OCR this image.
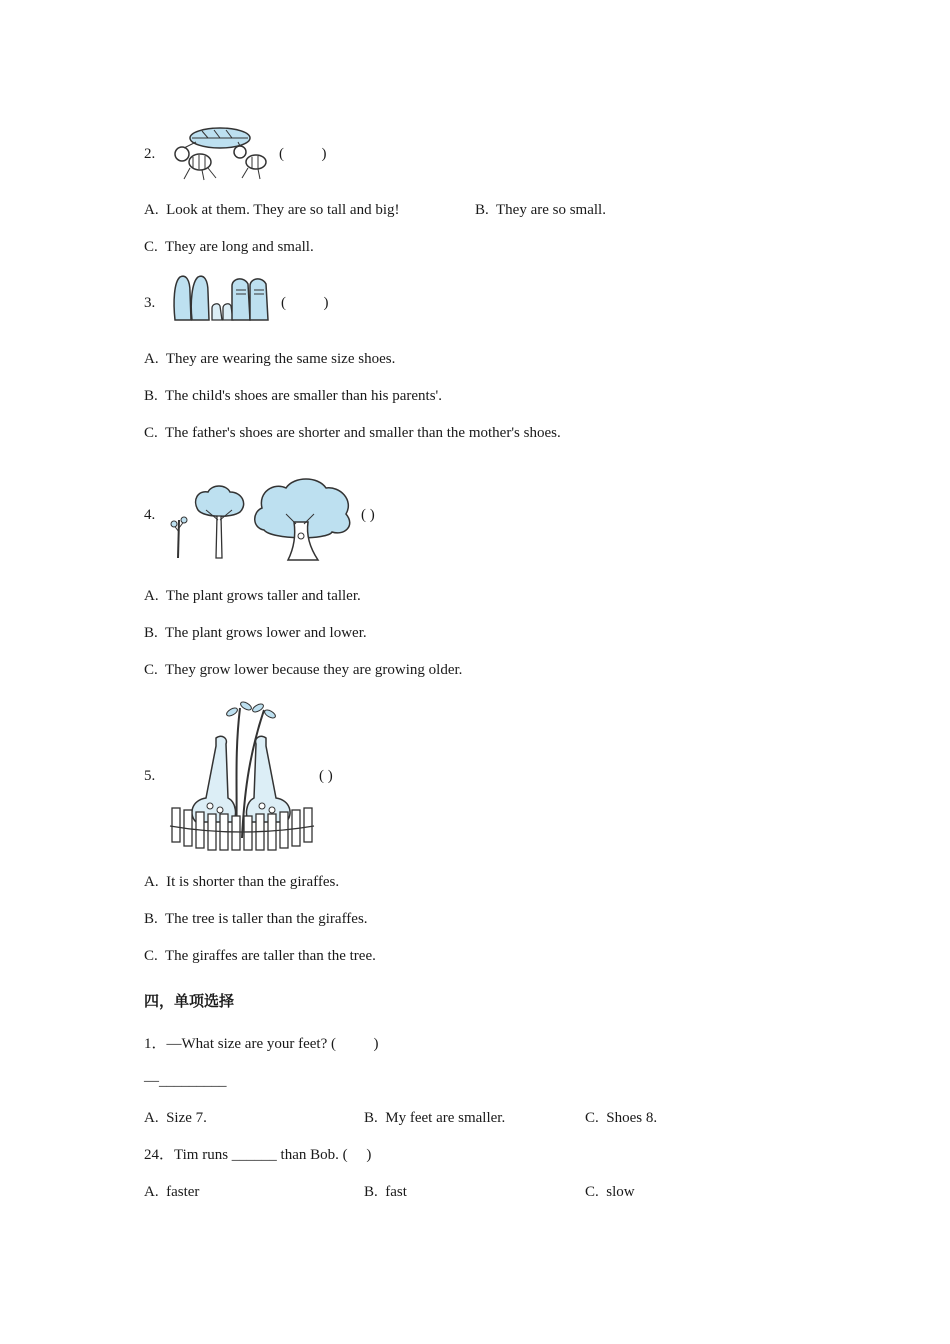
2.	(          )
A. Look at them. They are so tall and big!	B. They are so small.
C. They are long and small.
3.	(          )
A. They are wearing the same size shoes.
B. The child's shoes are smaller than his parents'.
C. The father's shoes are shorter and smaller than the mother's shoes.
4.	( )
A. The plant grows taller and taller.
B. The plant grows lower and lower.
C. They grow lower because they are growing older.
5.	( )
A. It is shorter than the giraffes.
B. The tree is taller than the giraffes.
C. The giraffes are taller than the tree.
四，单项选择
1．—What size are your feet? (          )
—_________
A. Size 7.	B. My feet are smaller.	C. Shoes 8.
24．Tim runs ______ than Bob. (     )
A. faster	B. fast	C. slow
